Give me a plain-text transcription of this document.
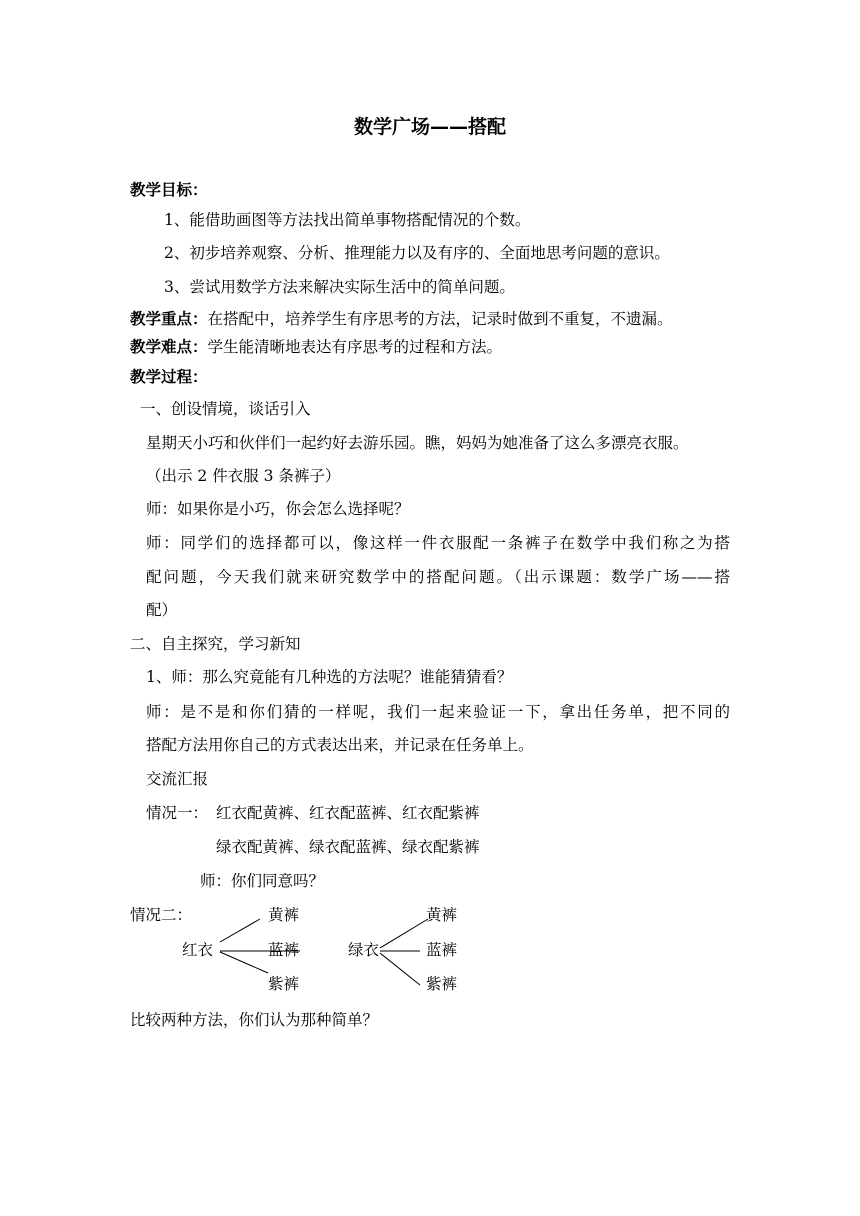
数学广场——搭配
教学目标：
1、能借助画图等方法找出简单事物搭配情况的个数。
2、初步培养观察、分析、推理能力以及有序的、全面地思考问题的意识。
3、尝试用数学方法来解决实际生活中的简单问题。
教学重点：在搭配中，培养学生有序思考的方法，记录时做到不重复，不遗漏。
教学难点：学生能清晰地表达有序思考的过程和方法。
教学过程：
一、创设情境，谈话引入
星期天小巧和伙伴们一起约好去游乐园。瞧，妈妈为她准备了这么多漂亮衣服。
（出示 2 件衣服 3 条裤子）
师：如果你是小巧，你会怎么选择呢？
师：同学们的选择都可以，像这样一件衣服配一条裤子在数学中我们称之为搭
配问题，今天我们就来研究数学中的搭配问题。（出示课题：数学广场——搭
配）
二、自主探究，学习新知
1、师：那么究竟能有几种选的方法呢？谁能猜猜看？
师：是不是和你们猜的一样呢，我们一起来验证一下，拿出任务单，把不同的
搭配方法用你自己的方式表达出来，并记录在任务单上。
交流汇报
情况一： 红衣配黄裤、红衣配蓝裤、红衣配紫裤
绿衣配黄裤、绿衣配蓝裤、绿衣配紫裤
师：你们同意吗？
情况二：	黄裤
红衣	蓝裤
紫裤
黄裤
绿衣	蓝裤
紫裤
比较两种方法，你们认为那种简单？
